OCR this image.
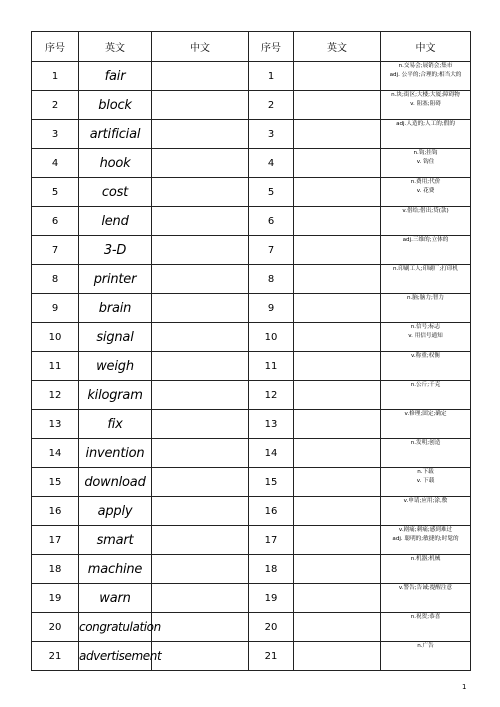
序号	英文	中文	序号	英文	中文
1	fair		1		n.交易会;展销会;集市
adj. 公平的;合理的;相当大的

2	block		2		n.块;街区;大楼;大厦;障碍物
v. 阻塞;阻碍

3	artificial		3		adj.人造的;人工的;假的

4	hook		4		n.钩;挂钩
v. 钩住

5	cost		5		n.费用;代价
v. 花费

6	lend		6		v.借给;借出;贷(款)

7	3-D		7		adj.三维的;立体的

8	printer		8		n.印刷工人;印刷厂;打印机

9	brain		9		n.脑;脑力;智力

10	signal		10		n.信号;标志
v. 用信号通知

11	weigh		11		v.称重;权衡

12	kilogram		12		n.公斤;千克

13	fix		13		v.修理;固定;确定

14	invention		14		n.发明;创造

15	download		15		n.下载
v. 下载

16	apply		16		v.申请;应用;涂,敷

17	smart		17		v.剧痛;刺痛;感到难过
adj. 聪明的;敏捷的;时髦的

18	machine		18		n.机器;机械

19	warn		19		v.警告;告诫;提醒注意

20	congratulation		20		n.祝贺;恭喜

21	advertisement		21		n.广告
1
